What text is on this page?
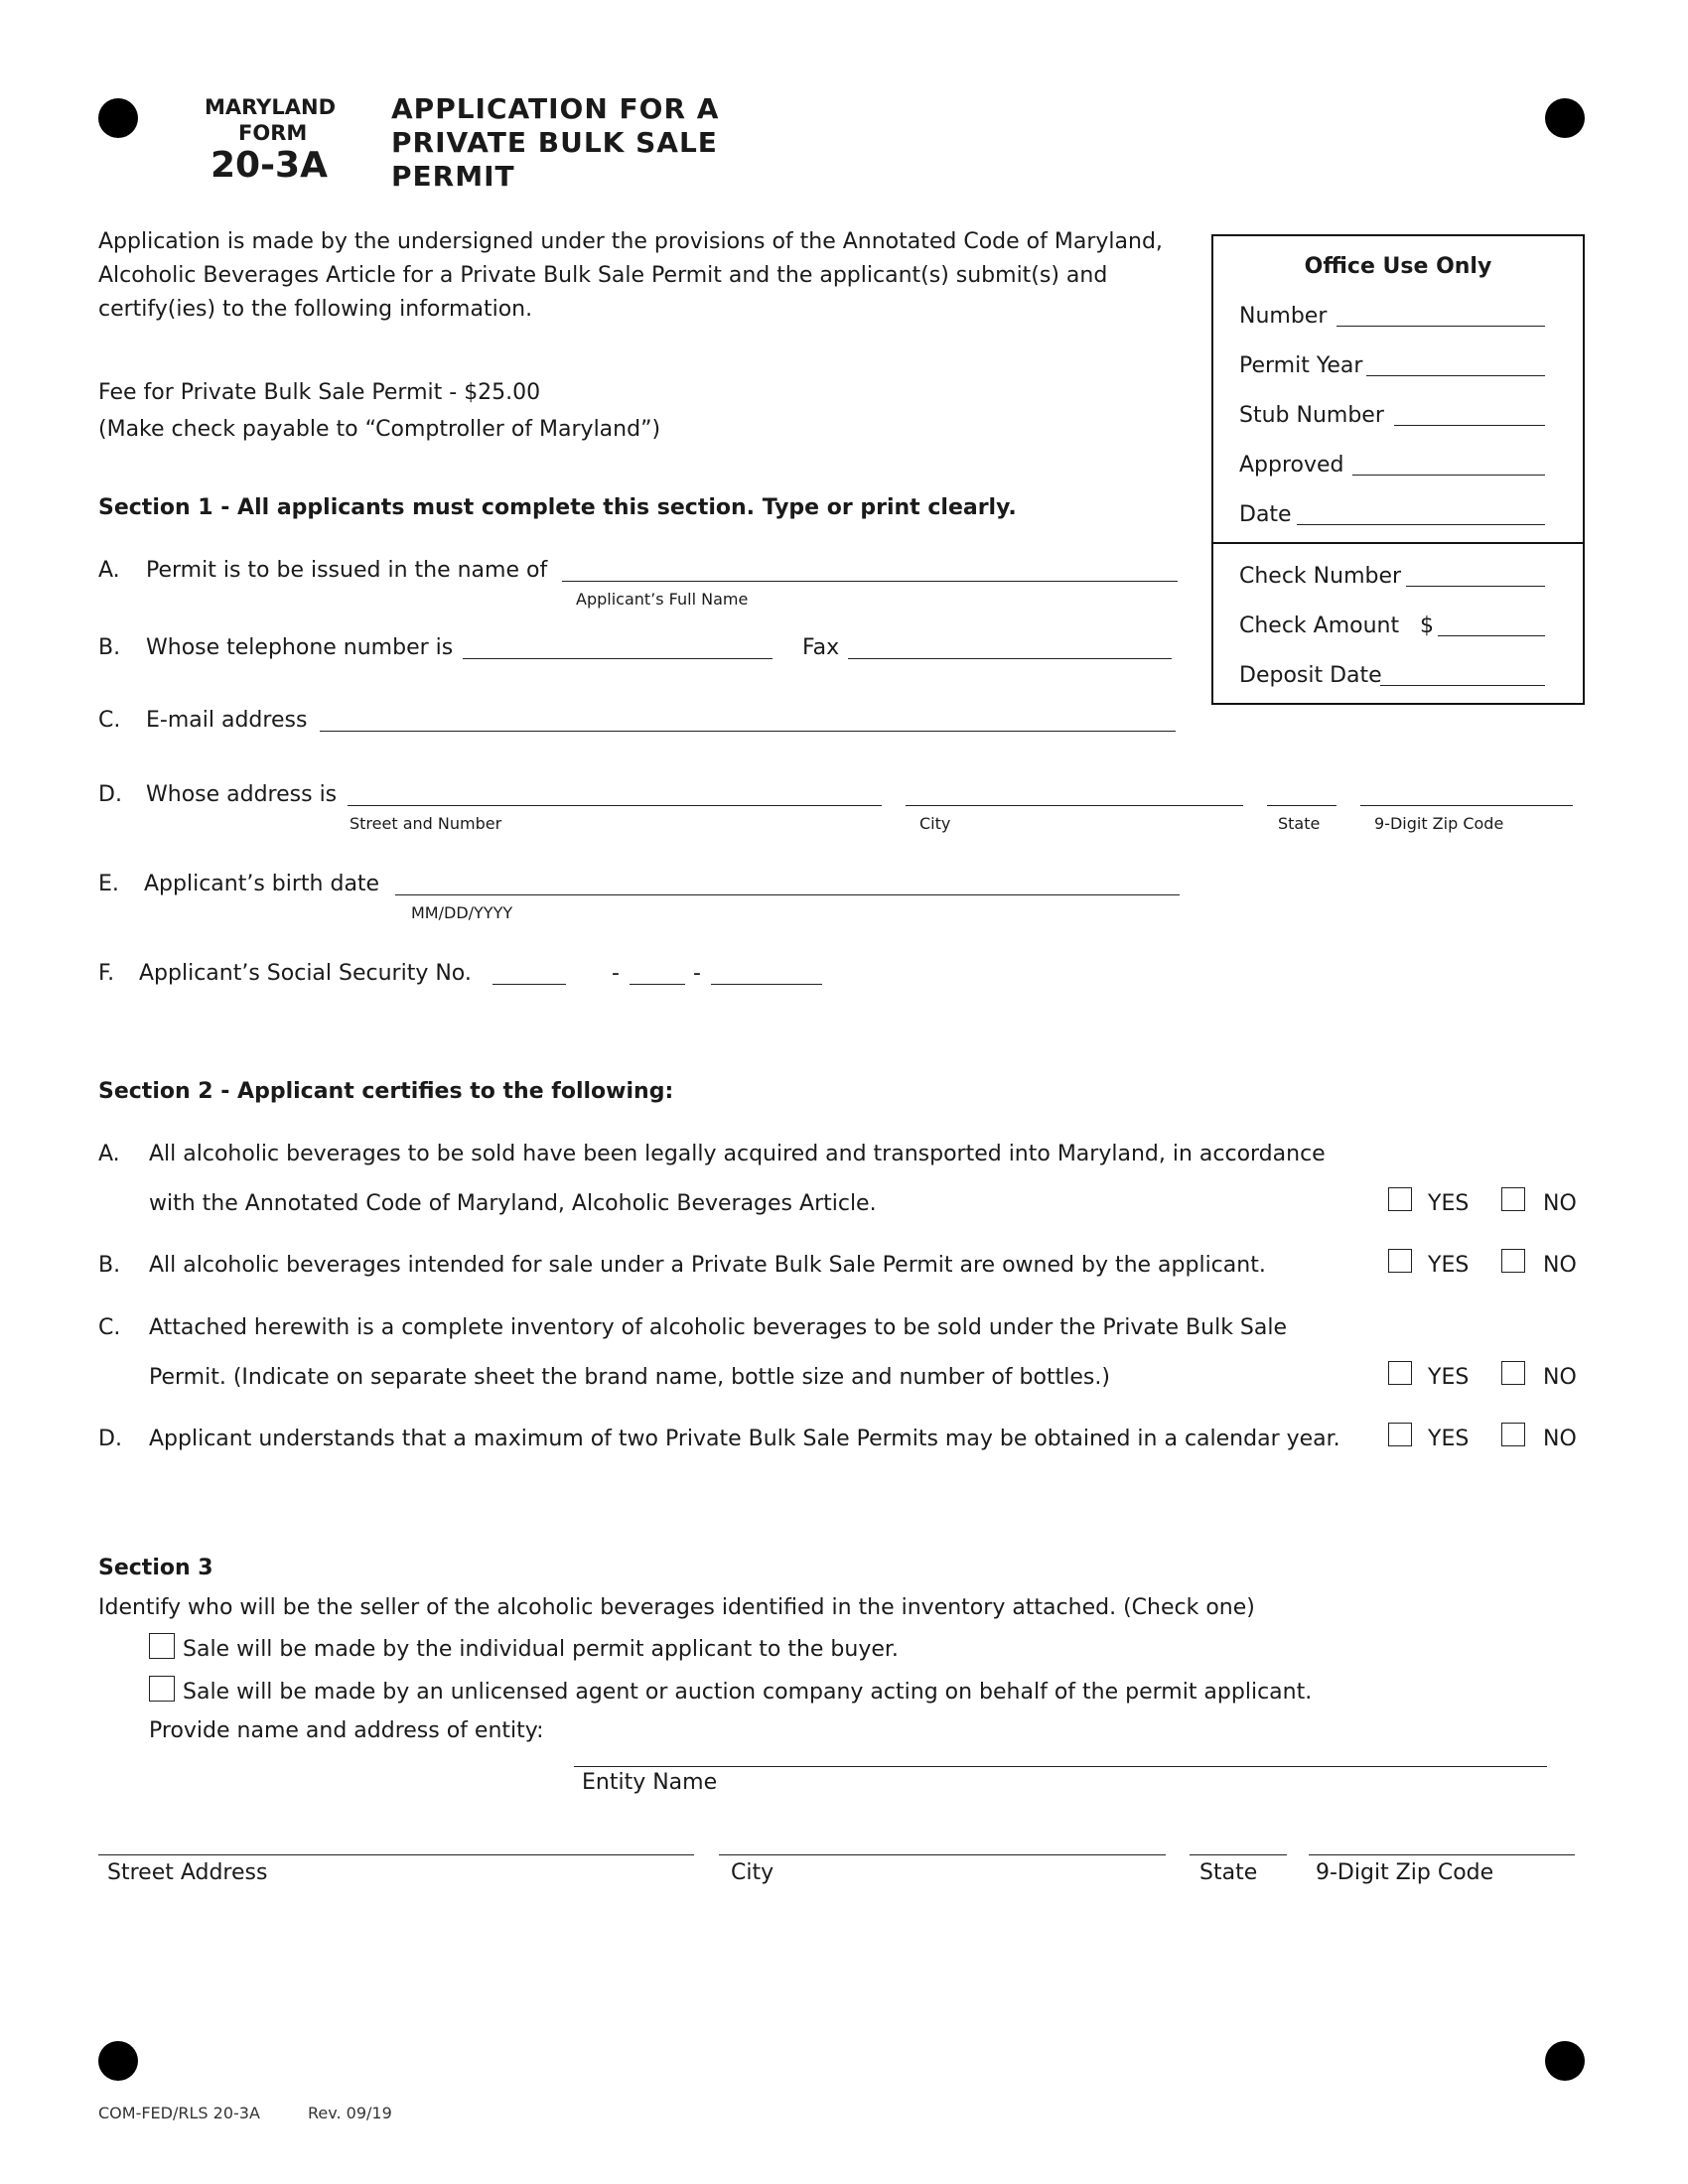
MARYLAND
FORM
20-3A
APPLICATION FOR A
PRIVATE BULK SALE
PERMIT
Application is made by the undersigned under the provisions of the Annotated Code of Maryland,
Alcoholic Beverages Article for a Private Bulk Sale Permit and the applicant(s) submit(s) and
certify(ies) to the following information.
Fee for Private Bulk Sale Permit - $25.00
(Make check payable to “Comptroller of Maryland”)
Office Use Only
Number
Permit Year
Stub Number
Approved
Date
Check Number
Check Amount $
Deposit Date
Section 1 - All applicants must complete this section. Type or print clearly.
A. Permit is to be issued in the name of
Applicant’s Full Name
B. Whose telephone number is	Fax
C. E-mail address
D. Whose address is
Street and Number	City	State	9-Digit Zip Code
E. Applicant’s birth date
MM/DD/YYYY
F. Applicant’s Social Security No.	-	-
Section 2 - Applicant certifies to the following:
A. All alcoholic beverages to be sold have been legally acquired and transported into Maryland, in accordance
with the Annotated Code of Maryland, Alcoholic Beverages Article.	YES	NO
B. All alcoholic beverages intended for sale under a Private Bulk Sale Permit are owned by the applicant.	YES	NO
C. Attached herewith is a complete inventory of alcoholic beverages to be sold under the Private Bulk Sale
Permit. (Indicate on separate sheet the brand name, bottle size and number of bottles.)	YES	NO
D. Applicant understands that a maximum of two Private Bulk Sale Permits may be obtained in a calendar year.	YES	NO
Section 3
Identify who will be the seller of the alcoholic beverages identified in the inventory attached. (Check one)
Sale will be made by the individual permit applicant to the buyer.
Sale will be made by an unlicensed agent or auction company acting on behalf of the permit applicant.
Provide name and address of entity:
Entity Name
Street Address	City	State	9-Digit Zip Code
COM-FED/RLS 20-3A	Rev. 09/19
